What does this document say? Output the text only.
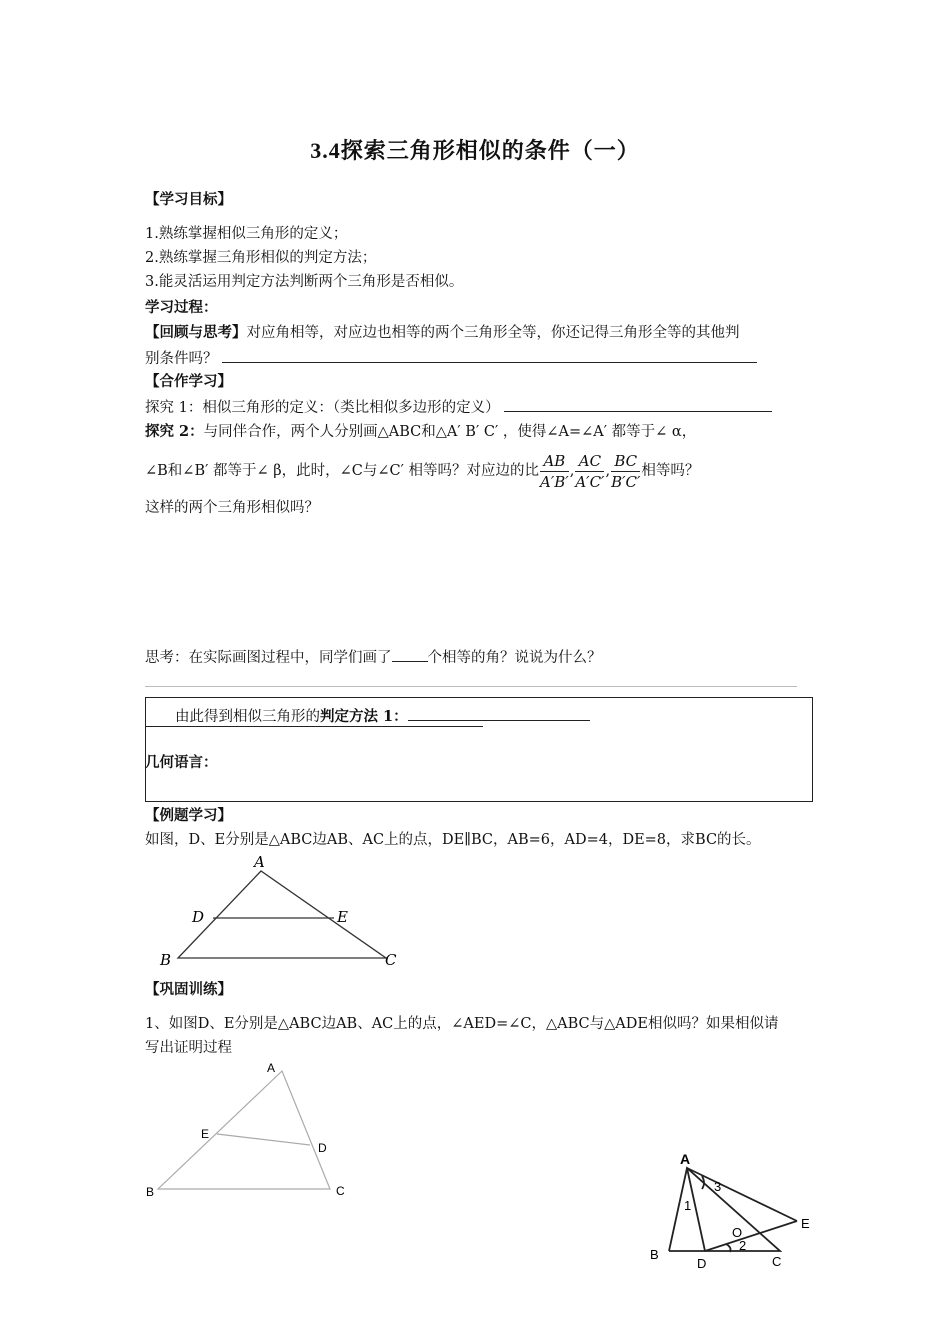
3.4探索三角形相似的条件（一）
【学习目标】
1.熟练掌握相似三角形的定义；
2.熟练掌握三角形相似的判定方法；
3.能灵活运用判定方法判断两个三角形是否相似。
学习过程：
【回顾与思考】对应角相等，对应边也相等的两个三角形全等，你还记得三角形全等的其他判
别条件吗？
【合作学习】
探究 1：相似三角形的定义：（类比相似多边形的定义）
探究 2：与同伴合作，两个人分别画△ABC和△A′ B′ C′ ，使得∠A=∠A′ 都等于∠ α，
∠B和∠B′ 都等于∠ β，此时，∠C与∠C′ 相等吗？对应边的比 $\frac{AB}{A'B'}$ , $\frac{AC}{A'C'}$ , $\frac{BC}{B'C'}$ 相等吗？
这样的两个三角形相似吗？
思考：在实际画图过程中，同学们画了 个相等的角？说说为什么？
由此得到相似三角形的判定方法 1：
几何语言：
【例题学习】
如图，D、E分别是△ABC边AB、AC上的点，DE∥BC，AB=6，AD=4，DE=8，求BC的长。
A
D	E
B	C
【巩固训练】
1、如图D、E分别是△ABC边AB、AC上的点，∠AED=∠C，△ABC与△ADE相似吗？如果相似请
写出证明过程
A
E
D
B	C
A
3
1
O
2
E
B
D	C
